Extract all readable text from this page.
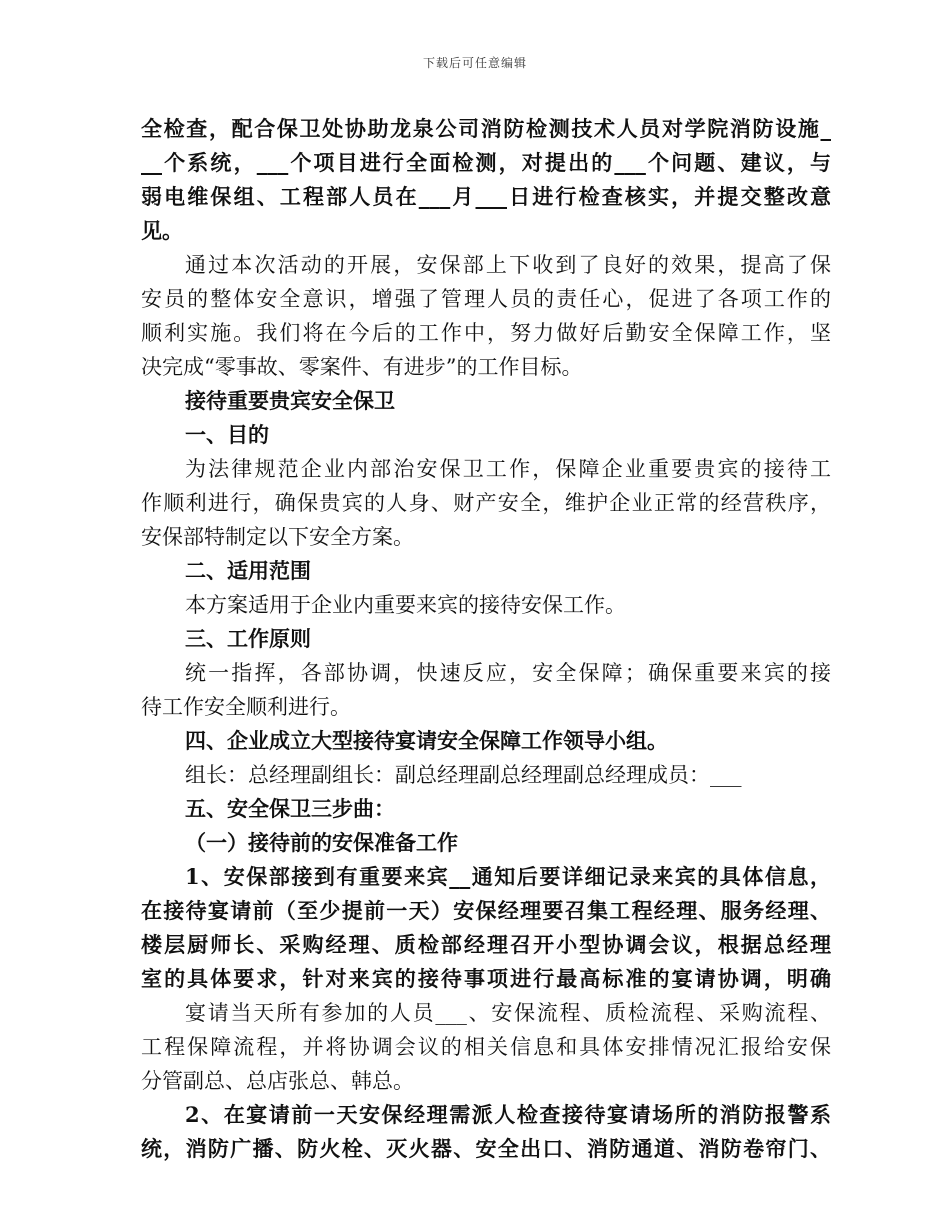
下载后可任意编辑
全检查，配合保卫处协助龙泉公司消防检测技术人员对学院消防设施_
__个系统，___个项目进行全面检测，对提出的___个问题、建议，与
弱电维保组、工程部人员在___月___日进行检查核实，并提交整改意
见。
通过本次活动的开展，安保部上下收到了良好的效果，提高了保
安员的整体安全意识，增强了管理人员的责任心，促进了各项工作的
顺利实施。我们将在今后的工作中，努力做好后勤安全保障工作，坚
决完成“零事故、零案件、有进步”的工作目标。
接待重要贵宾安全保卫
一、目的
为法律规范企业内部治安保卫工作，保障企业重要贵宾的接待工
作顺利进行，确保贵宾的人身、财产安全，维护企业正常的经营秩序，
安保部特制定以下安全方案。
二、适用范围
本方案适用于企业内重要来宾的接待安保工作。
三、工作原则
统一指挥，各部协调，快速反应，安全保障；确保重要来宾的接
待工作安全顺利进行。
四、企业成立大型接待宴请安全保障工作领导小组。
组长：总经理副组长：副总经理副总经理副总经理成员：___
五、安全保卫三步曲：
（一）接待前的安保准备工作
1、安保部接到有重要来宾__通知后要详细记录来宾的具体信息，
在接待宴请前（至少提前一天）安保经理要召集工程经理、服务经理、
楼层厨师长、采购经理、质检部经理召开小型协调会议，根据总经理
室的具体要求，针对来宾的接待事项进行最高标准的宴请协调，明确
宴请当天所有参加的人员___、安保流程、质检流程、采购流程、
工程保障流程，并将协调会议的相关信息和具体安排情况汇报给安保
分管副总、总店张总、韩总。
2、在宴请前一天安保经理需派人检查接待宴请场所的消防报警系
统，消防广播、防火栓、灭火器、安全出口、消防通道、消防卷帘门、
